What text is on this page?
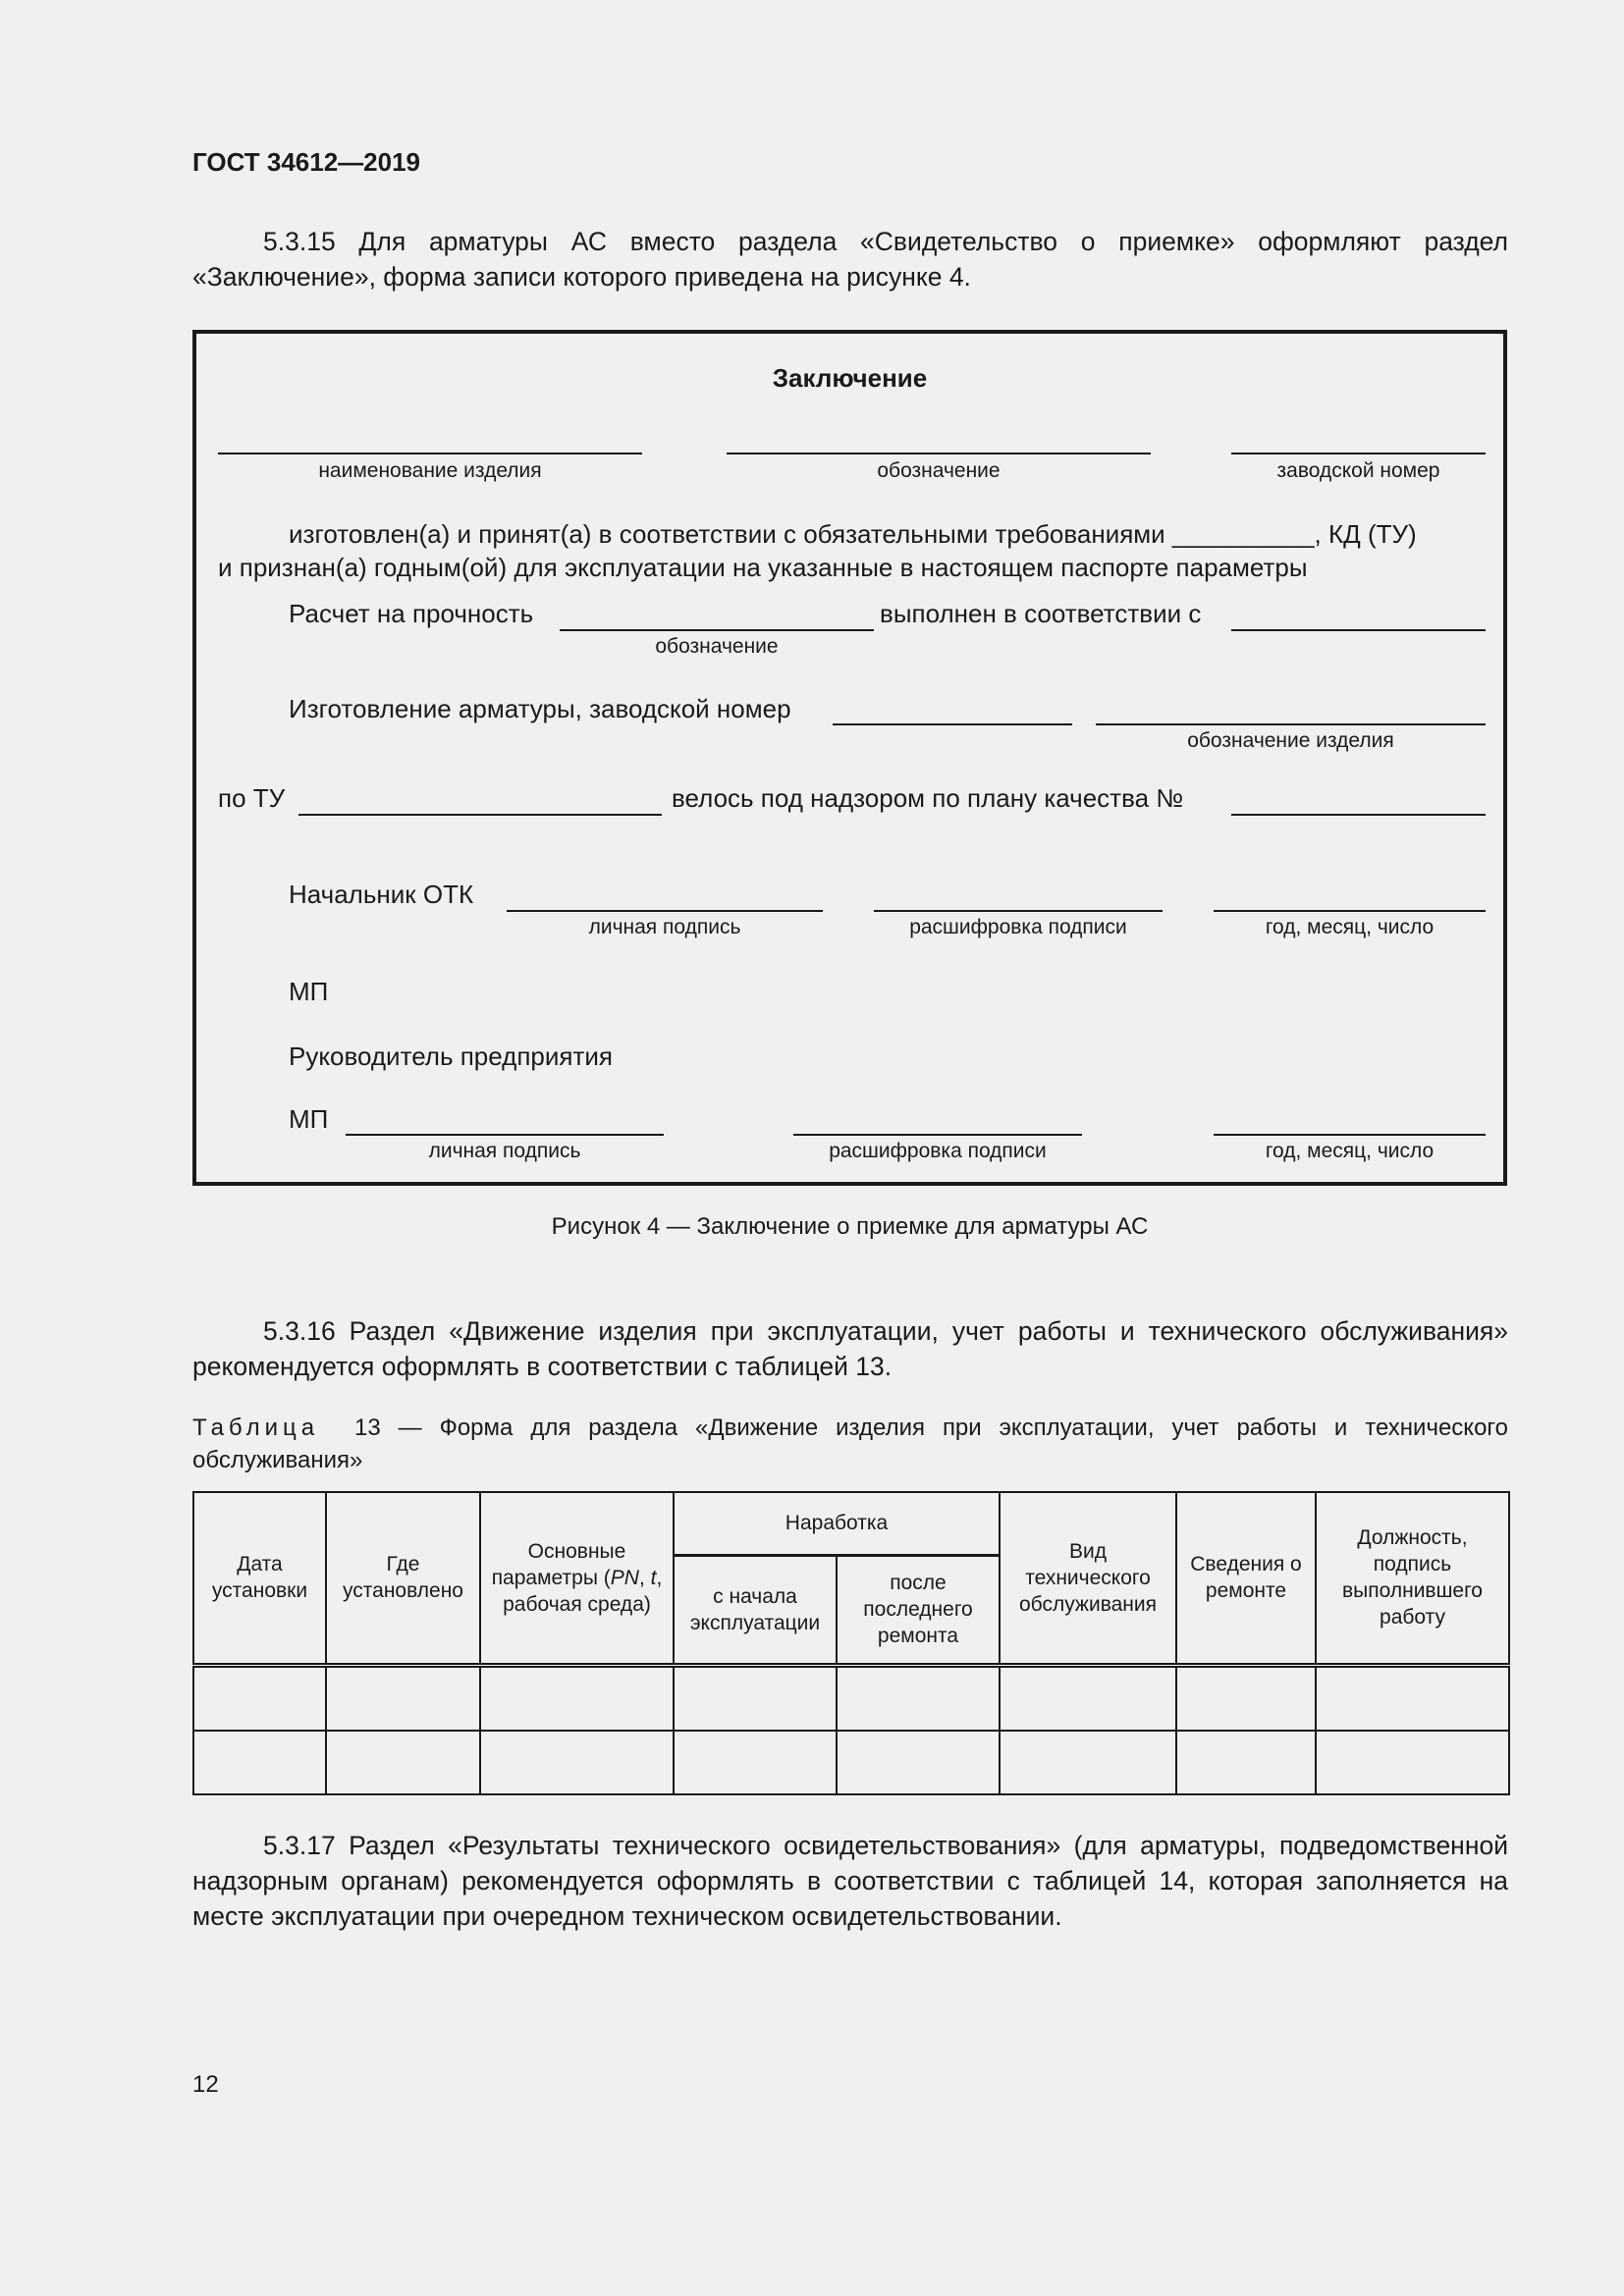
ГОСТ 34612—2019
5.3.15 Для арматуры АС вместо раздела «Свидетельство о приемке» оформляют раздел «Заключение», форма записи которого приведена на рисунке 4.
Заключение
наименование изделия	обозначение	заводской номер
изготовлен(а) и принят(а) в соответствии с обязательными требованиями __________, КД (ТУ)
и признан(а) годным(ой) для эксплуатации на указанные в настоящем паспорте параметры
Расчет на прочность	выполнен в соответствии с
обозначение
Изготовление арматуры, заводской номер
обозначение изделия
по ТУ	велось под надзором по плану качества №
Начальник ОТК
личная подпись	расшифровка подписи	год, месяц, число
МП
Руководитель предприятия
МП
личная подпись	расшифровка подписи	год, месяц, число
Рисунок 4 — Заключение о приемке для арматуры АС
5.3.16 Раздел «Движение изделия при эксплуатации, учет работы и технического обслуживания» рекомендуется оформлять в соответствии с таблицей 13.
Таблица  13 — Форма для раздела «Движение изделия при эксплуатации, учет работы и технического обслуживания»
Дата установки	Где установлено	Основные параметры (PN, t, рабочая среда)	Наработка		Вид технического обслуживания	Сведения о ремонте	Должность, подпись выполнившего работу
			с начала эксплуатации	после последнего ремонта			

5.3.17 Раздел «Результаты технического освидетельствования» (для арматуры, подведомственной надзорным органам) рекомендуется оформлять в соответствии с таблицей 14, которая заполняется на месте эксплуатации при очередном техническом освидетельствовании.
12
